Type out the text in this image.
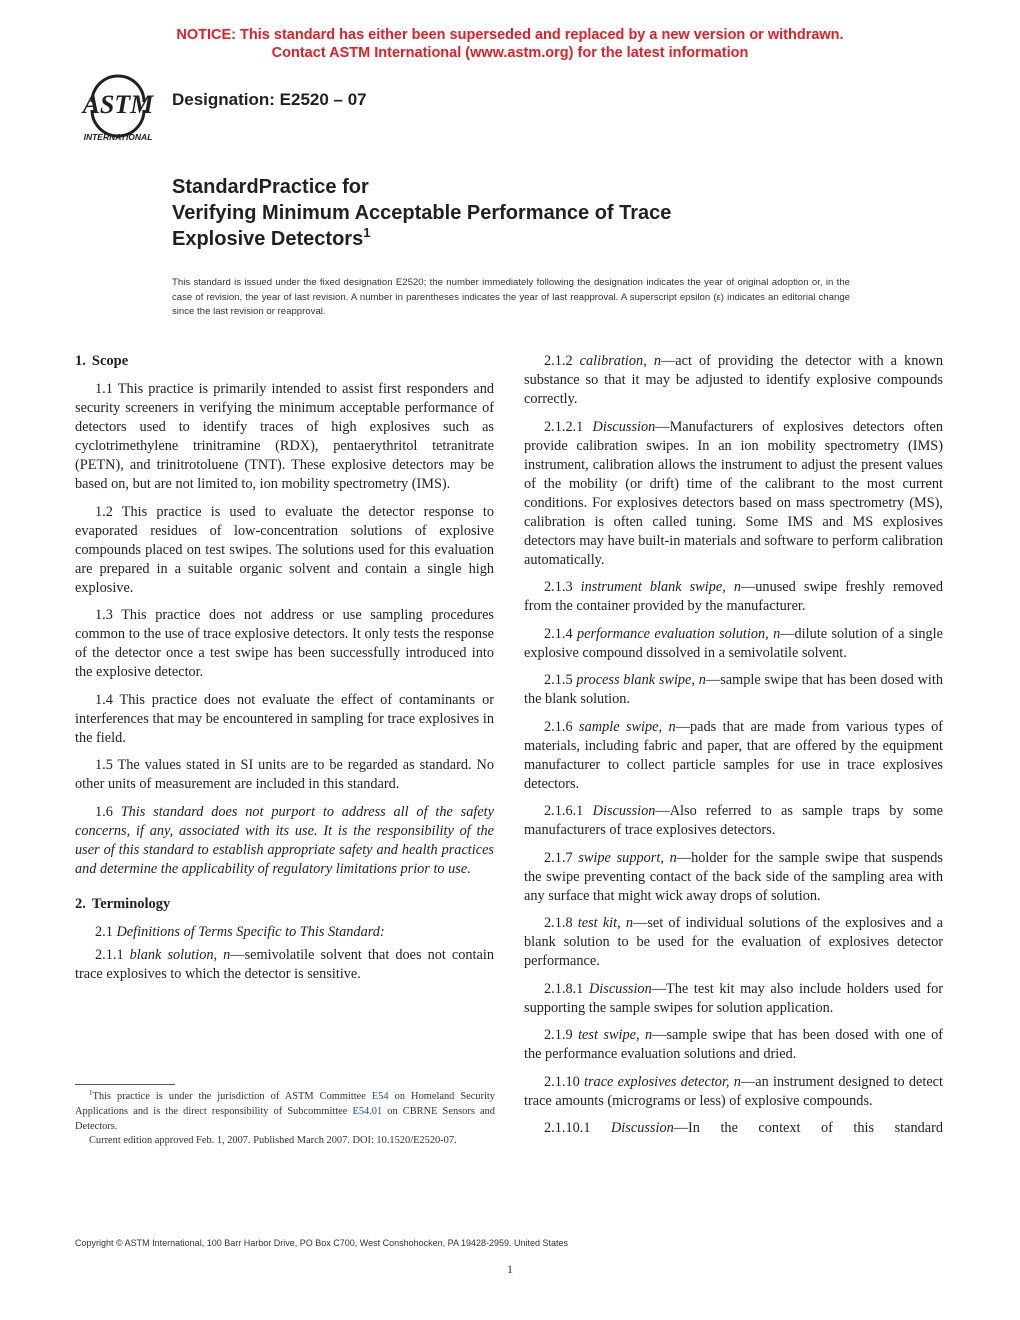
NOTICE: This standard has either been superseded and replaced by a new version or withdrawn.
Contact ASTM International (www.astm.org) for the latest information
ASTM
INTERNATIONAL
Designation: E2520 – 07
StandardPractice for
Verifying Minimum Acceptable Performance of Trace
Explosive Detectors$^1$
This standard is issued under the fixed designation E2520; the number immediately following the designation indicates the year of original adoption or, in the case of revision, the year of last revision. A number in parentheses indicates the year of last reapproval. A superscript epsilon (ε) indicates an editorial change since the last revision or reapproval.
1. Scope

1.1 This practice is primarily intended to assist first responders and security screeners in verifying the minimum acceptable performance of detectors used to identify traces of high explosives such as cyclotrimethylene trinitramine (RDX), pentaerythritol tetranitrate (PETN), and trinitrotoluene (TNT). These explosive detectors may be based on, but are not limited to, ion mobility spectrometry (IMS).

1.2 This practice is used to evaluate the detector response to evaporated residues of low-concentration solutions of explosive compounds placed on test swipes. The solutions used for this evaluation are prepared in a suitable organic solvent and contain a single high explosive.

1.3 This practice does not address or use sampling procedures common to the use of trace explosive detectors. It only tests the response of the detector once a test swipe has been successfully introduced into the explosive detector.

1.4 This practice does not evaluate the effect of contaminants or interferences that may be encountered in sampling for trace explosives in the field.

1.5 The values stated in SI units are to be regarded as standard. No other units of measurement are included in this standard.

1.6 This standard does not purport to address all of the safety concerns, if any, associated with its use. It is the responsibility of the user of this standard to establish appropriate safety and health practices and determine the applicability of regulatory limitations prior to use.

2. Terminology

2.1 Definitions of Terms Specific to This Standard:

2.1.1 blank solution, n—semivolatile solvent that does not contain trace explosives to which the detector is sensitive.

2.1.2 calibration, n—act of providing the detector with a known substance so that it may be adjusted to identify explosive compounds correctly.

2.1.2.1 Discussion—Manufacturers of explosives detectors often provide calibration swipes. In an ion mobility spectrometry (IMS) instrument, calibration allows the instrument to adjust the present values of the mobility (or drift) time of the calibrant to the most current conditions. For explosives detectors based on mass spectrometry (MS), calibration is often called tuning. Some IMS and MS explosives detectors may have built-in materials and software to perform calibration automatically.

2.1.3 instrument blank swipe, n—unused swipe freshly removed from the container provided by the manufacturer.

2.1.4 performance evaluation solution, n—dilute solution of a single explosive compound dissolved in a semivolatile solvent.

2.1.5 process blank swipe, n—sample swipe that has been dosed with the blank solution.

2.1.6 sample swipe, n—pads that are made from various types of materials, including fabric and paper, that are offered by the equipment manufacturer to collect particle samples for use in trace explosives detectors.

2.1.6.1 Discussion—Also referred to as sample traps by some manufacturers of trace explosives detectors.

2.1.7 swipe support, n—holder for the sample swipe that suspends the swipe preventing contact of the back side of the sampling area with any surface that might wick away drops of solution.

2.1.8 test kit, n—set of individual solutions of the explosives and a blank solution to be used for the evaluation of explosives detector performance.

2.1.8.1 Discussion—The test kit may also include holders used for supporting the sample swipes for solution application.

2.1.9 test swipe, n—sample swipe that has been dosed with one of the performance evaluation solutions and dried.

2.1.10 trace explosives detector, n—an instrument designed to detect trace amounts (micrograms or less) of explosive compounds.

2.1.10.1 Discussion—In the context of this standard

$^1$This practice is under the jurisdiction of ASTM Committee E54 on Homeland Security Applications and is the direct responsibility of Subcommittee E54.01 on CBRNE Sensors and Detectors.

Current edition approved Feb. 1, 2007. Published March 2007. DOI: 10.1520/E2520-07.

Copyright © ASTM International, 100 Barr Harbor Drive, PO Box C700, West Conshohocken, PA 19428-2959. United States
1
